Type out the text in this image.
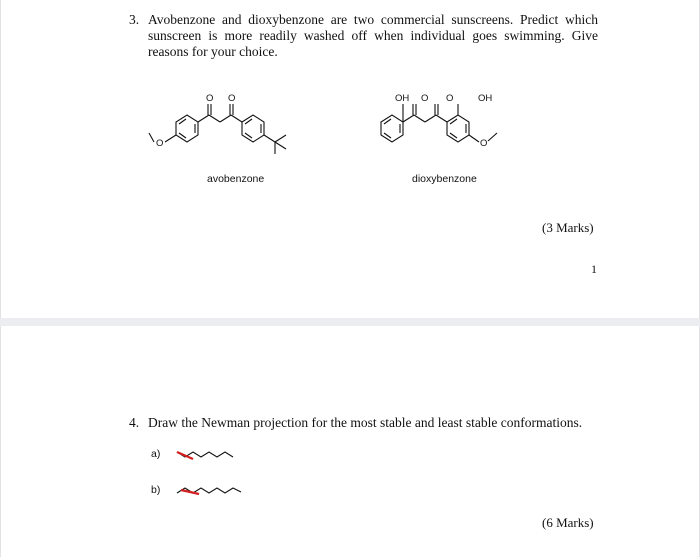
3. Avobenzone and dioxybenzone are two commercial sunscreens. Predict which sunscreen is more readily washed off when individual goes swimming. Give reasons for your choice.
O
O O
avobenzone
OH O O	OH
O
dioxybenzone
(3 Marks)
1
4. Draw the Newman projection for the most stable and least stable conformations.
a)
b)
(6 Marks)
